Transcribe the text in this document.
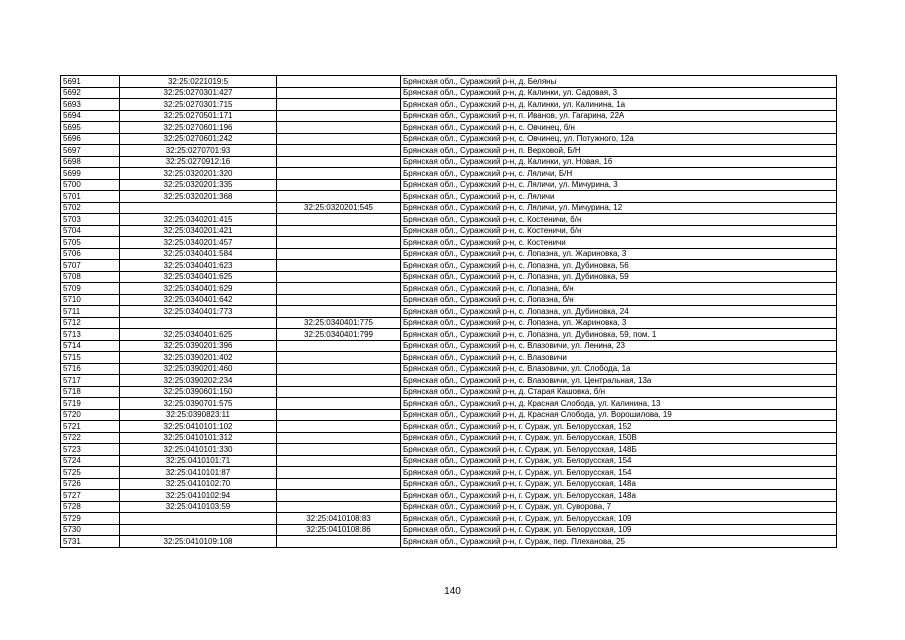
5691	32:25:0221019:5		Брянская обл., Суражский р-н, д. Беляны
5692	32:25:0270301:427		Брянская обл., Суражский р-н, д. Калинки, ул. Садовая, 3
5693	32:25:0270301:715		Брянская обл., Суражский р-н, д. Калинки, ул. Калинина, 1а
5694	32:25:0270501:171		Брянская обл., Суражский р-н, п. Иванов, ул. Гагарина, 22А
5695	32:25:0270601:196		Брянская обл., Суражский р-н, с. Овчинец, б/н
5696	32:25:0270601:242		Брянская обл., Суражский р-н, с. Овчинец, ул. Потужного, 12а
5697	32:25:0270701:93		Брянская обл., Суражский р-н, п. Верховой, Б/Н
5698	32:25:0270912:16		Брянская обл., Суражский р-н, д. Калинки, ул. Новая, 16
5699	32:25:0320201:320		Брянская обл., Суражский р-н, с. Ляличи, Б/Н
5700	32:25:0320201:335		Брянская обл., Суражский р-н, с. Ляличи, ул. Мичурина, 3
5701	32:25:0320201:368		Брянская обл., Суражский р-н, с. Ляличи
5702		32:25:0320201:545	Брянская обл., Суражский р-н, с. Ляличи, ул. Мичурина, 12
5703	32:25:0340201:415		Брянская обл., Суражский р-н, с. Костеничи, б/н
5704	32:25:0340201:421		Брянская обл., Суражский р-н, с. Костеничи, б/н
5705	32:25:0340201:457		Брянская обл., Суражский р-н, с. Костеничи
5706	32:25:0340401:584		Брянская обл., Суражский р-н, с. Лопазна, ул. Жариновка, 3
5707	32:25:0340401:623		Брянская обл., Суражский р-н, с. Лопазна, ул. Дубиновка, 56
5708	32:25:0340401:625		Брянская обл., Суражский р-н, с. Лопазна, ул. Дубиновка, 59
5709	32:25:0340401:629		Брянская обл., Суражский р-н, с. Лопазна, б/н
5710	32:25:0340401:642		Брянская обл., Суражский р-н, с. Лопазна, б/н
5711	32:25:0340401:773		Брянская обл., Суражский р-н, с. Лопазна, ул. Дубиновка, 24
5712		32:25:0340401:775	Брянская обл., Суражский р-н, с. Лопазна, ул. Жариновка, 3
5713	32:25:0340401:625	32:25:0340401:799	Брянская обл., Суражский р-н, с. Лопазна, ул. Дубиновка, 59, пом. 1
5714	32:25:0390201:396		Брянская обл., Суражский р-н, с. Влазовичи, ул. Ленина, 23
5715	32:25:0390201:402		Брянская обл., Суражский р-н, с. Влазовичи
5716	32:25:0390201:460		Брянская обл., Суражский р-н, с. Влазовичи, ул. Слобода, 1а
5717	32:25:0390202:234		Брянская обл., Суражский р-н, с. Влазовичи, ул. Центральная, 13а
5718	32:25:0390601:150		Брянская обл., Суражский р-н, д. Старая Кашовка, б/н
5719	32:25:0390701:575		Брянская обл., Суражский р-н, д. Красная Слобода, ул. Калинина, 13
5720	32:25:0390823:11		Брянская обл., Суражский р-н, д. Красная Слобода, ул. Ворошилова, 19
5721	32:25:0410101:102		Брянская обл., Суражский р-н, г. Сураж, ул. Белорусская, 152
5722	32:25:0410101:312		Брянская обл., Суражский р-н, г. Сураж, ул. Белорусская, 150В
5723	32:25:0410101:330		Брянская обл., Суражский р-н, г. Сураж, ул. Белорусская, 148Б
5724	32:25:0410101:71		Брянская обл., Суражский р-н, г. Сураж, ул. Белорусская, 154
5725	32:25:0410101:87		Брянская обл., Суражский р-н, г. Сураж, ул. Белорусская, 154
5726	32:25:0410102:70		Брянская обл., Суражский р-н, г. Сураж, ул. Белорусская, 148а
5727	32:25:0410102:94		Брянская обл., Суражский р-н, г. Сураж, ул. Белорусская, 148а
5728	32:25:0410103:59		Брянская обл., Суражский р-н, г. Сураж, ул. Суворова, 7
5729		32:25:0410108:83	Брянская обл., Суражский р-н, г. Сураж, ул. Белорусская, 109
5730		32:25:0410108:86	Брянская обл., Суражский р-н, г. Сураж, ул. Белорусская, 109
5731	32:25:0410109:108		Брянская обл., Суражский р-н, г. Сураж, пер. Плеханова, 25
140
